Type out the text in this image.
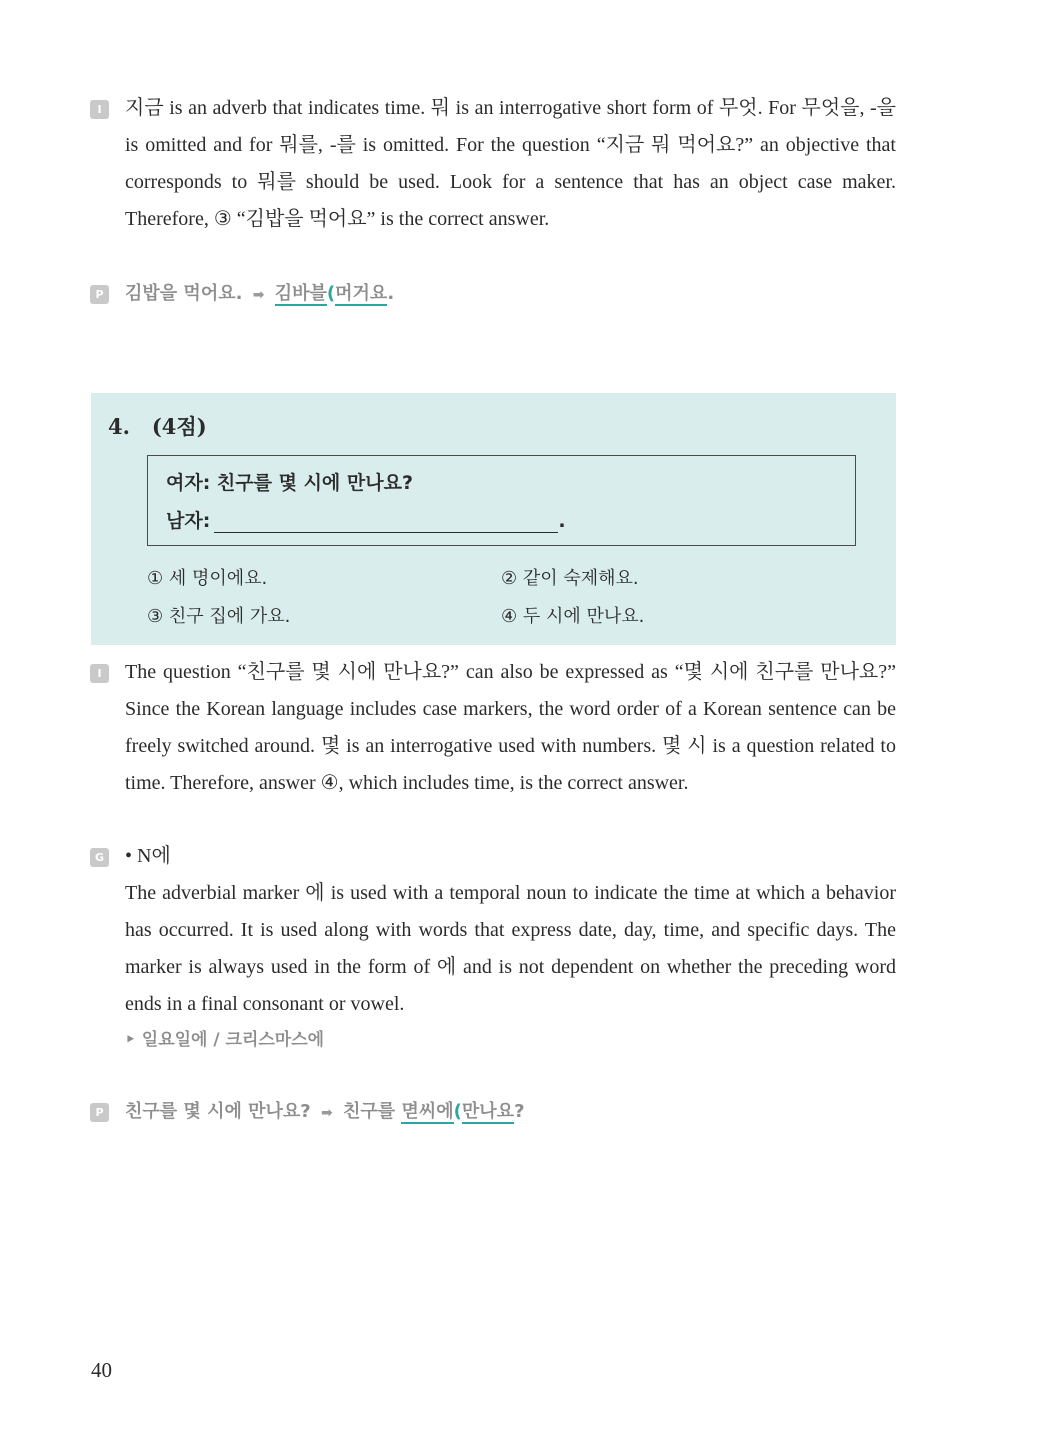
I	지금 is an adverb that indicates time. 뭐 is an interrogative short form of 무엇. For 무엇을, -을 is omitted and for 뭐를, -를 is omitted. For the question “지금 뭐 먹어요?” an objective that corresponds to 뭐를 should be used. Look for a sentence that has an object case maker. Therefore, ③ “김밥을 먹어요” is the correct answer.
P	김밥을 먹어요. ➡ 김바블(머거요.
4. (4점)
여자: 친구를 몇 시에 만나요?
남자:	.
① 세 명이에요.	② 같이 숙제해요.
③ 친구 집에 가요.	④ 두 시에 만나요.
I	The question “친구를 몇 시에 만나요?” can also be expressed as “몇 시에 친구를 만나요?” Since the Korean language includes case markers, the word order of a Korean sentence can be freely switched around. 몇 is an interrogative used with numbers. 몇 시 is a question related to time. Therefore, answer ④, which includes time, is the correct answer.
G • N에
The adverbial marker 에 is used with a temporal noun to indicate the time at which a behavior has occurred. It is used along with words that express date, day, time, and specific days. The marker is always used in the form of 에 and is not dependent on whether the preceding word ends in a final consonant or vowel.
‣ 일요일에 / 크리스마스에
P	친구를 몇 시에 만나요? ➡ 친구를 멷씨에(만나요?
40
